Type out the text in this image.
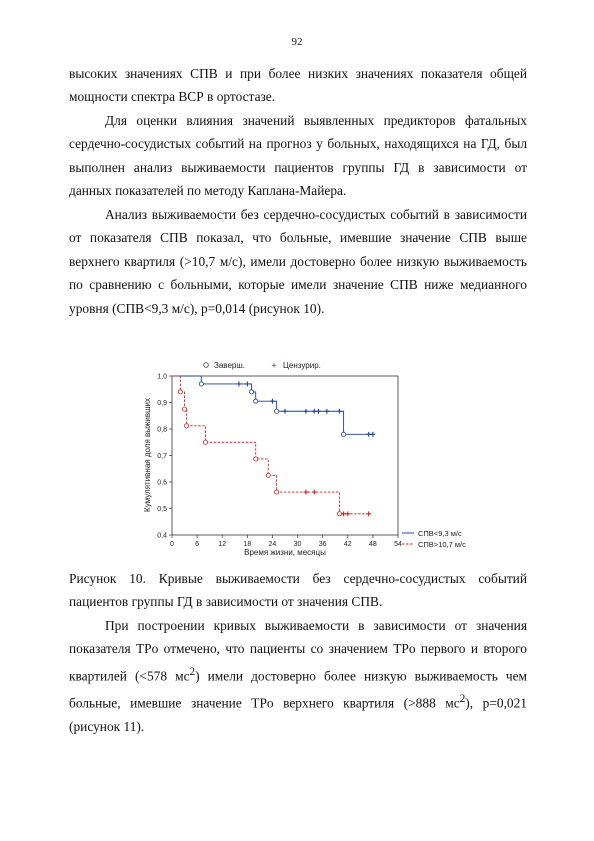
92

высоких значениях СПВ и при более низких значениях показателя общей мощности спектра ВСР в ортостазе.

Для оценки влияния значений выявленных предикторов фатальных сердечно-сосудистых событий на прогноз у больных, находящихся на ГД, был выполнен анализ выживаемости пациентов группы ГД в зависимости от данных показателей по методу Каплана-Майера.

Анализ выживаемости без сердечно-сосудистых событий в зависимости от показателя СПВ показал, что больные, имевшие значение СПВ выше верхнего квартиля (>10,7 м/с), имели достоверно более низкую выживаемость по сравнению с больными, которые имели значение СПВ ниже медианного уровня (СПВ<9,3 м/с), p=0,014 (рисунок 10).

Заверш.	+ Цензурир.
Кумулятивная доля выживших
Время жизни, месяцы
0,4
0,5
0,6
0,7
0,8
0,9
1,0
0	6	12 18 24 30 36 42 48 54
СПВ<9,3 м/с
СПВ>10,7 м/с

Рисунок 10. Кривые выживаемости без сердечно-сосудистых событий пациентов группы ГД в зависимости от значения СПВ.

При построении кривых выживаемости в зависимости от значения показателя TPo отмечено, что пациенты со значением TPo первого и второго квартилей (<578 $мс^2$) имели достоверно более низкую выживаемость чем больные, имевшие значение TPo верхнего квартиля (>888 $мс^2$), p=0,021 (рисунок 11).
